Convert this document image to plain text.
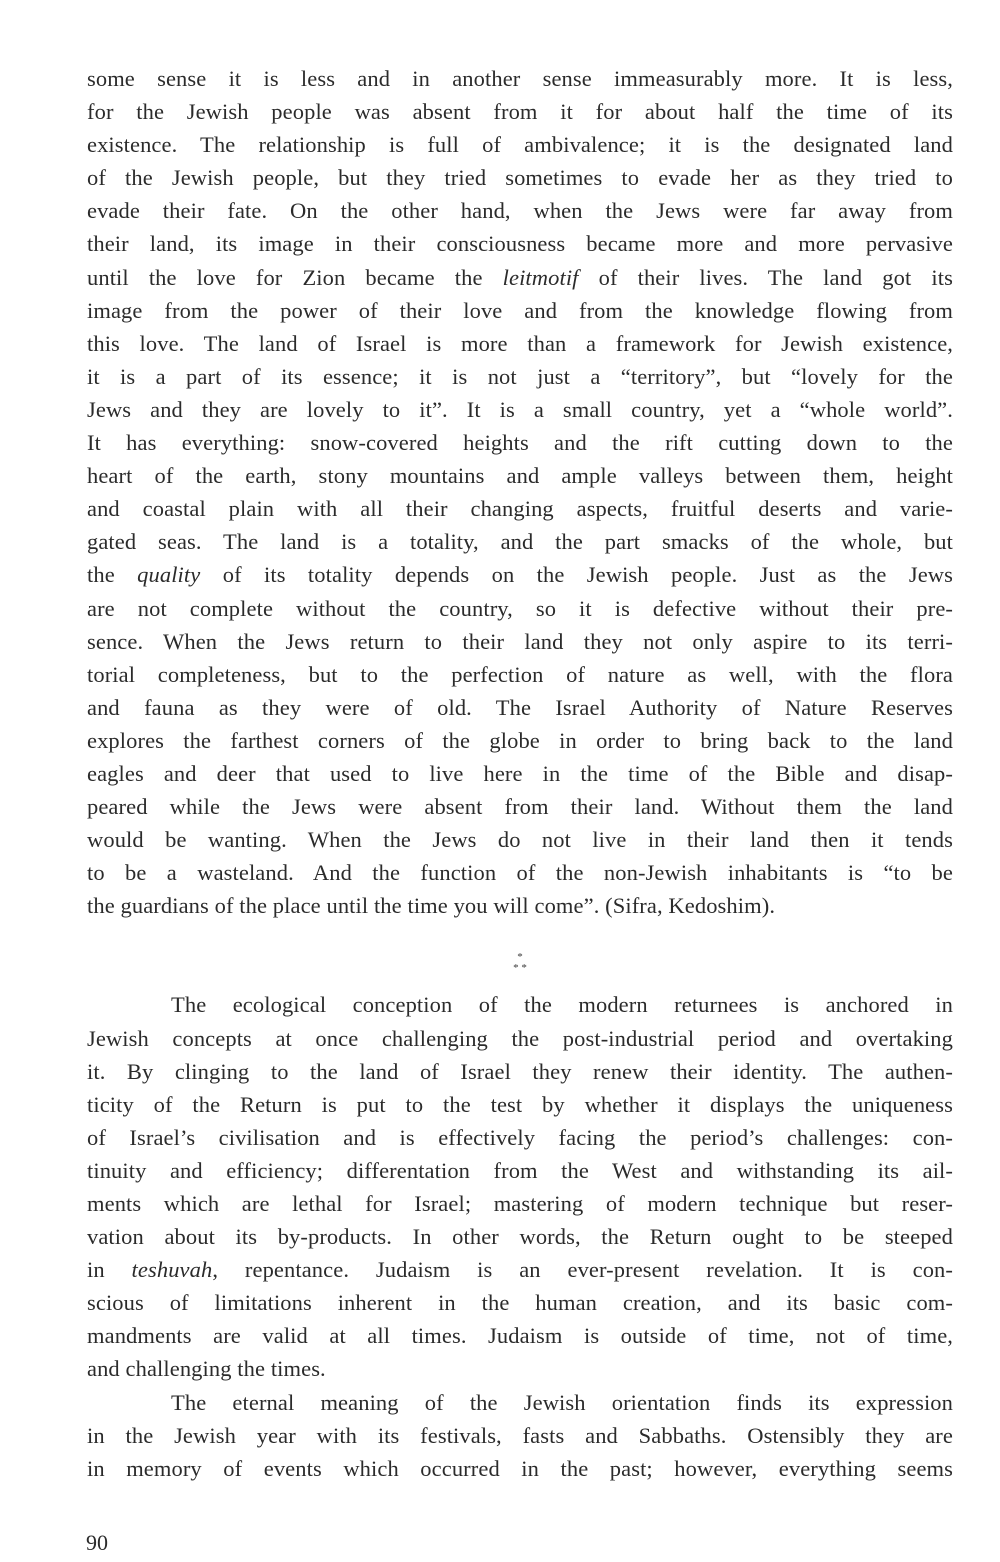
some sense it is less and in another sense immeasurably more. It is less,
for the Jewish people was absent from it for about half the time of its
existence. The relationship is full of ambivalence; it is the designated land
of the Jewish people, but they tried sometimes to evade her as they tried to
evade their fate. On the other hand, when the Jews were far away from
their land, its image in their consciousness became more and more pervasive
until the love for Zion became the leitmotif of their lives. The land got its
image from the power of their love and from the knowledge flowing from
this love. The land of Israel is more than a framework for Jewish existence,
it is a part of its essence; it is not just a “territory”, but “lovely for the
Jews and they are lovely to it”. It is a small country, yet a “whole world”.
It has everything: snow-covered heights and the rift cutting down to the
heart of the earth, stony mountains and ample valleys between them, height
and coastal plain with all their changing aspects, fruitful deserts and varie-
gated seas. The land is a totality, and the part smacks of the whole, but
the quality of its totality depends on the Jewish people. Just as the Jews
are not complete without the country, so it is defective without their pre-
sence. When the Jews return to their land they not only aspire to its terri-
torial completeness, but to the perfection of nature as well, with the flora
and fauna as they were of old. The Israel Authority of Nature Reserves
explores the farthest corners of the globe in order to bring back to the land
eagles and deer that used to live here in the time of the Bible and disap-
peared while the Jews were absent from their land. Without them the land
would be wanting. When the Jews do not live in their land then it tends
to be a wasteland. And the function of the non-Jewish inhabitants is “to be
the guardians of the place until the time you will come”. (Sifra, Kedoshim).
*
* *
The ecological conception of the modern returnees is anchored in
Jewish concepts at once challenging the post-industrial period and overtaking
it. By clinging to the land of Israel they renew their identity. The authen-
ticity of the Return is put to the test by whether it displays the uniqueness
of Israel’s civilisation and is effectively facing the period’s challenges: con-
tinuity and efficiency; differentation from the West and withstanding its ail-
ments which are lethal for Israel; mastering of modern technique but reser-
vation about its by-products. In other words, the Return ought to be steeped
in teshuvah, repentance. Judaism is an ever-present revelation. It is con-
scious of limitations inherent in the human creation, and its basic com-
mandments are valid at all times. Judaism is outside of time, not of time,
and challenging the times.
The eternal meaning of the Jewish orientation finds its expression
in the Jewish year with its festivals, fasts and Sabbaths. Ostensibly they are
in memory of events which occurred in the past; however, everything seems
90
